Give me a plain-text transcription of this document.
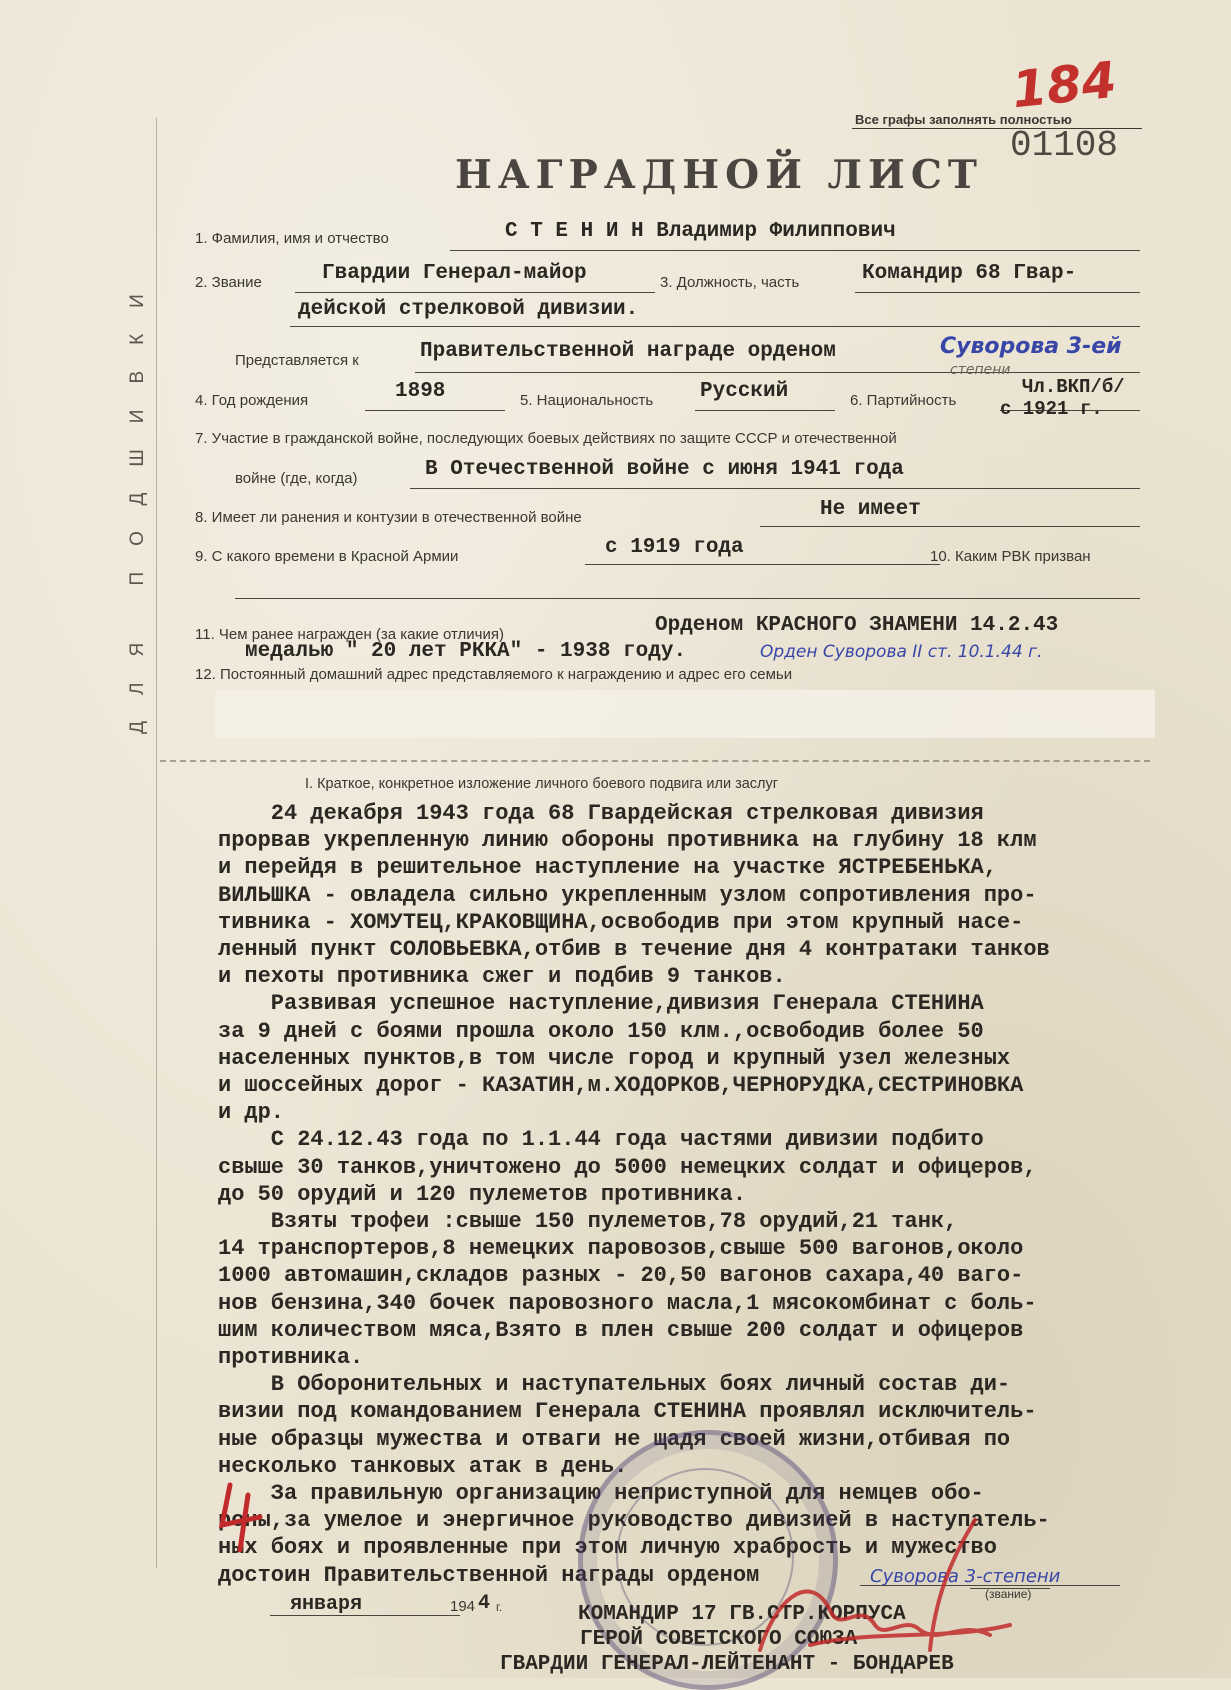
ДЛЯ ПОДШИВКИ
184
Все графы заполнять полностью
01108
НАГРАДНОЙ ЛИСТ
1. Фамилия, имя и отчество	С Т Е Н И Н Владимир Филиппович
2. Звание	Гвардии Генерал-майор	3. Должность, часть	Командир 68 Гвар-
дейской стрелковой дивизии.
Представляется к	Правительственной награде орденом	Суворова 3-ей
степени
4. Год рождения	1898	5. Национальность Русский	6. Партийность
Чл.ВКП/б/
с 1921 г.
7. Участие в гражданской войне, последующих боевых действиях по защите СССР и отечественной
войне (где, когда)	В Отечественной войне с июня 1941 года
8. Имеет ли ранения и контузии в отечественной войне	Не имеет
9. С какого времени в Красной Армии	с 1919 года	10. Каким РВК призван
11. Чем ранее награжден (за какие отличия)	Орденом КРАСНОГО ЗНАМЕНИ 14.2.43
медалью " 20 лет РККА" - 1938 году.	Орден Суворова II ст. 10.1.44 г.
12. Постоянный домашний адрес представляемого к награждению и адрес его семьи
I. Краткое, конкретное изложение личного боевого подвига или заслуг
24 декабря 1943 года 68 Гвардейская стрелковая дивизия
прорвав укрепленную линию обороны противника на глубину 18 клм
и перейдя в решительное наступление на участке ЯСТРЕБЕНЬКА,
ВИЛЬШКА - овладела сильно укрепленным узлом сопротивления про-
тивника - ХОМУТЕЦ,КРАКОВЩИНА,освободив при этом крупный насе-
ленный пункт СОЛОВЬЕВКА,отбив в течение дня 4 контратаки танков
и пехоты противника сжег и подбив 9 танков.
Развивая успешное наступление,дивизия Генерала СТЕНИНА
за 9 дней с боями прошла около 150 клм.,освободив более 50
населенных пунктов,в том числе город и крупный узел железных
и шоссейных дорог - КАЗАТИН,м.ХОДОРКОВ,ЧЕРНОРУДКА,СЕСТРИНОВКА
и др.
С 24.12.43 года по 1.1.44 года частями дивизии подбито
свыше 30 танков,уничтожено до 5000 немецких солдат и офицеров,
до 50 орудий и 120 пулеметов противника.
Взяты трофеи :свыше 150 пулеметов,78 орудий,21 танк,
14 транспортеров,8 немецких паровозов,свыше 500 вагонов,около
1000 автомашин,складов разных - 20,50 вагонов сахара,40 ваго-
нов бензина,340 бочек паровозного масла,1 мясокомбинат с боль-
шим количеством мяса,Взято в плен свыше 200 солдат и офицеров
противника.
В Оборонительных и наступательных боях личный состав ди-
визии под командованием Генерала СТЕНИНА проявлял исключитель-
ные образцы мужества и отваги не щадя своей жизни,отбивая по
несколько танковых атак в день.
За правильную организацию неприступной для немцев обо-
роны,за умелое и энергичное руководство дивизией в наступатель-
ных боях и проявленные при этом личную храбрость и мужество
достоин Правительственной награды орденом	Суворова 3-степени
января	194 4 г.
(звание)
КОМАНДИР 17 ГВ.СТР.КОРПУСА
ГЕРОЙ СОВЕТСКОГО СОЮЗА
ГВАРДИИ ГЕНЕРАЛ-ЛЕЙТЕНАНТ - БОНДАРЕВ
